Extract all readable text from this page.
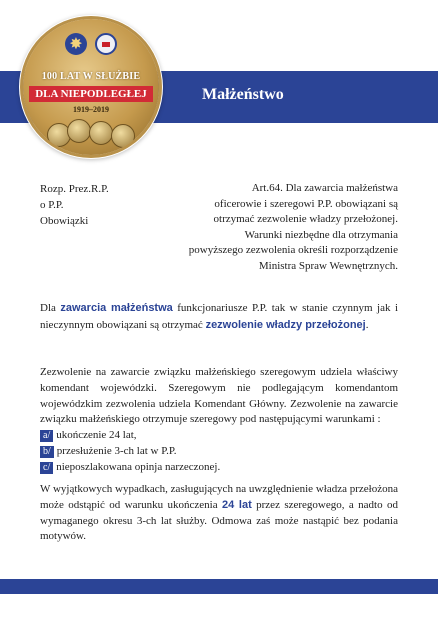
Małżeństwo
✸
100 LAT W SŁUŻBIE
DLA NIEPODLEGŁEJ
1919–2019
Rozp. Prez.R.P.
o P.P.
Obowiązki
Art.64. Dla zawarcia małżeństwa
oficerowie i szeregowi P.P. obowiązani są
otrzymać zezwolenie władzy przełożonej.
Warunki niezbędne dla otrzymania
powyższego zezwolenia określi rozporządzenie
Ministra Spraw Wewnętrznych.
Dla zawarcia małżeństwa funkcjonariusze P.P. tak w stanie czynnym jak i nieczynnym obowiązani są otrzymać zezwolenie władzy przełożonej.
Zezwolenie na zawarcie związku małżeńskiego szeregowym udziela właściwy komendant wojewódzki. Szeregowym nie podlegającym komendantom wojewódzkim zezwolenia udziela Komendant Główny. Zezwolenie na zawarcie związku małżeńskiego otrzymuje szeregowy pod następującymi warunkami :
a/ ukończenie 24 lat,
b/ przesłużenie 3-ch lat w P.P.
c/ nieposzlakowana opinja narzeczonej.
W wyjątkowych wypadkach, zasługujących na uwzględnienie władza przełożona może odstąpić od warunku ukończenia 24 lat przez szeregowego, a nadto od wymaganego okresu 3-ch lat służby. Odmowa zaś może nastąpić bez podania motywów.
